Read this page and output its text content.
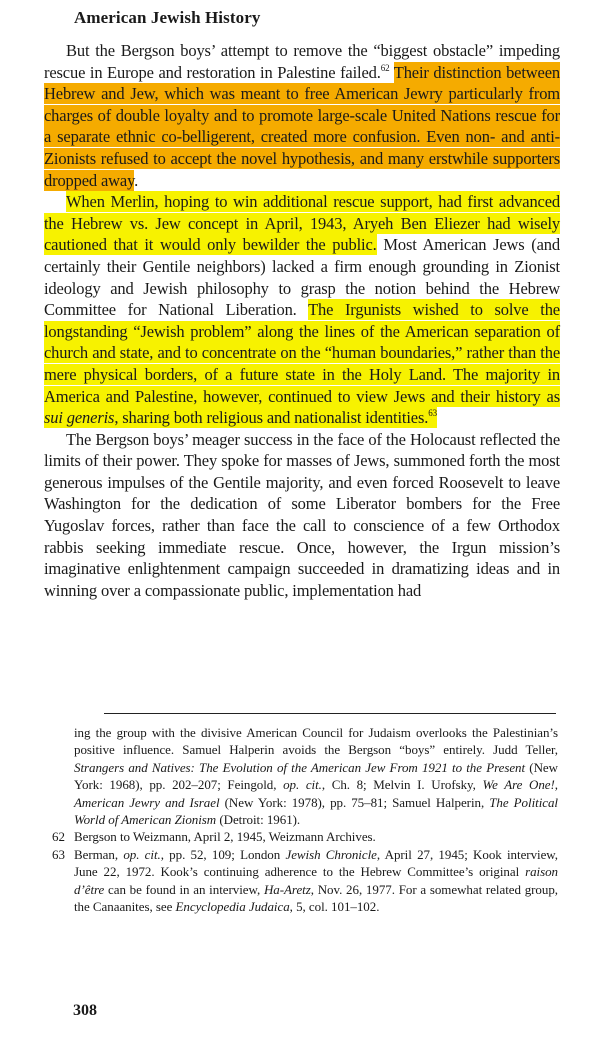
American Jewish History

But the Bergson boys’ attempt to remove the “biggest obstacle” impeding rescue in Europe and restoration in Palestine failed.$^{62}$ Their distinction between Hebrew and Jew, which was meant to free American Jewry particularly from charges of double loyalty and to promote large-scale United Nations rescue for a separate ethnic co-belligerent, created more confusion. Even non- and anti-Zionists refused to accept the novel hypothesis, and many erstwhile supporters dropped away.

When Merlin, hoping to win additional rescue support, had first advanced the Hebrew vs. Jew concept in April, 1943, Aryeh Ben Eliezer had wisely cautioned that it would only bewilder the public. Most American Jews (and certainly their Gentile neighbors) lacked a firm enough grounding in Zionist ideology and Jewish philosophy to grasp the notion behind the Hebrew Committee for National Liberation. The Irgunists wished to solve the longstanding “Jewish problem” along the lines of the American separation of church and state, and to concentrate on the “human boundaries,” rather than the mere physical borders, of a future state in the Holy Land. The majority in America and Palestine, however, continued to view Jews and their history as sui generis, sharing both religious and nationalist identities.$^{63}$

The Bergson boys’ meager success in the face of the Holocaust reflected the limits of their power. They spoke for masses of Jews, summoned forth the most generous impulses of the Gentile majority, and even forced Roosevelt to leave Washington for the dedication of some Liberator bombers for the Free Yugoslav forces, rather than face the call to conscience of a few Orthodox rabbis seeking immediate rescue. Once, however, the Irgun mission’s imaginative enlightenment campaign succeeded in dramatizing ideas and in winning over a compassionate public, implementation had

ing the group with the divisive American Council for Judaism overlooks the Palestinian’s positive influence. Samuel Halperin avoids the Bergson “boys” entirely. Judd Teller, Strangers and Natives: The Evolution of the American Jew From 1921 to the Present (New York: 1968), pp. 202–207; Feingold, op. cit., Ch. 8; Melvin I. Urofsky, We Are One!, American Jewry and Israel (New York: 1978), pp. 75–81; Samuel Halperin, The Political World of American Zionism (Detroit: 1961).

62 Bergson to Weizmann, April 2, 1945, Weizmann Archives.

63 Berman, op. cit., pp. 52, 109; London Jewish Chronicle, April 27, 1945; Kook interview, June 22, 1972. Kook’s continuing adherence to the Hebrew Committee’s original raison d’être can be found in an interview, Ha-Aretz, Nov. 26, 1977. For a somewhat related group, the Canaanites, see Encyclopedia Judaica, 5, col. 101–102.

308
